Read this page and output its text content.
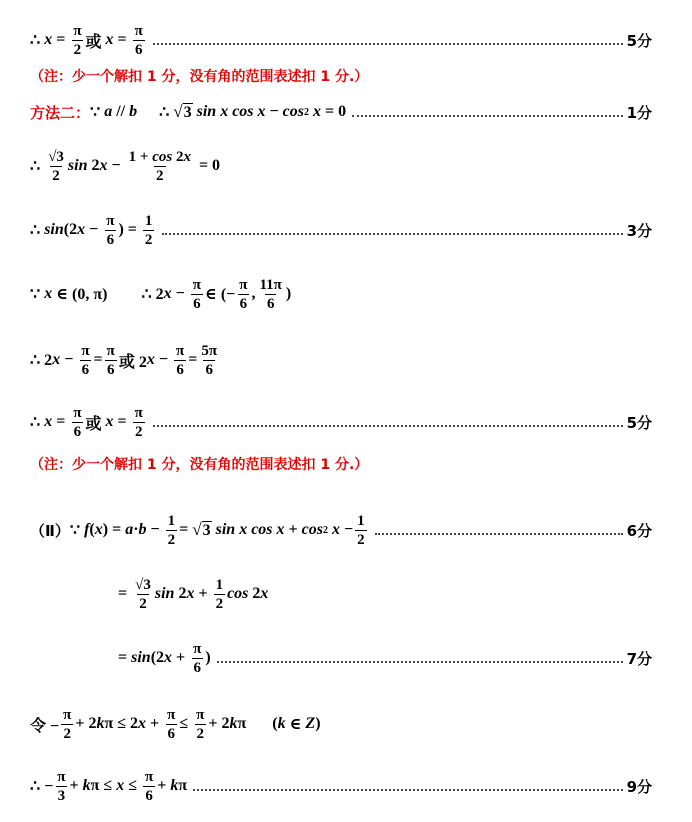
∴ $x = \frac{\pi}{2}$ 或 $x = \frac{\pi}{6}$	5分
（注：少一个解扣 1 分，没有角的范围表述扣 1 分.）
方法二： ∵ a // b ∴ √ 3
sin x cos x − cos 2
x = 0	1分
∴ $\frac{√3}{2}$ sin 2 $x - \frac{1 + \cos 2x}{2} = 0$
∴ sin (2 $x - \frac{\pi}{6}$ ) = $\frac{1}{2}$	3分
∵ x ∈ (0, π)
∴ 2 $x - \frac{\pi}{6}$ ∈ (− $\frac{\pi}{6}$ , $\frac{11\pi}{6}$ )
∴ 2 $x - \frac{\pi}{6} = \frac{\pi}{6}$ 或 2 $x - \frac{\pi}{6} = \frac{5\pi}{6}$
∴ $x = \frac{\pi}{6}$ 或 $x = \frac{\pi}{2}$	5分
（注：少一个解扣 1 分，没有角的范围表述扣 1 分.）
（Ⅱ） ∵ f ( x ) = $a \cdot b - \frac{1}{2}$ = √ 3
sin x cos x + cos 2
$x - \frac{1}{2}$	6分
= $\frac{√3}{2}$ sin 2 $x + \frac{1}{2}$ cos 2 x
= sin (2 $x + \frac{\pi}{6}$ )	7分
令 − $\frac{\pi}{2} + 2$ k π ≤ 2 $x + \frac{\pi}{6} \le \frac{\pi}{2} + 2$ k π
( k ∈ Z )
∴ − $\frac{\pi}{3} + k$ $\pi \le x \le \frac{\pi}{6} + k$ π	9分
